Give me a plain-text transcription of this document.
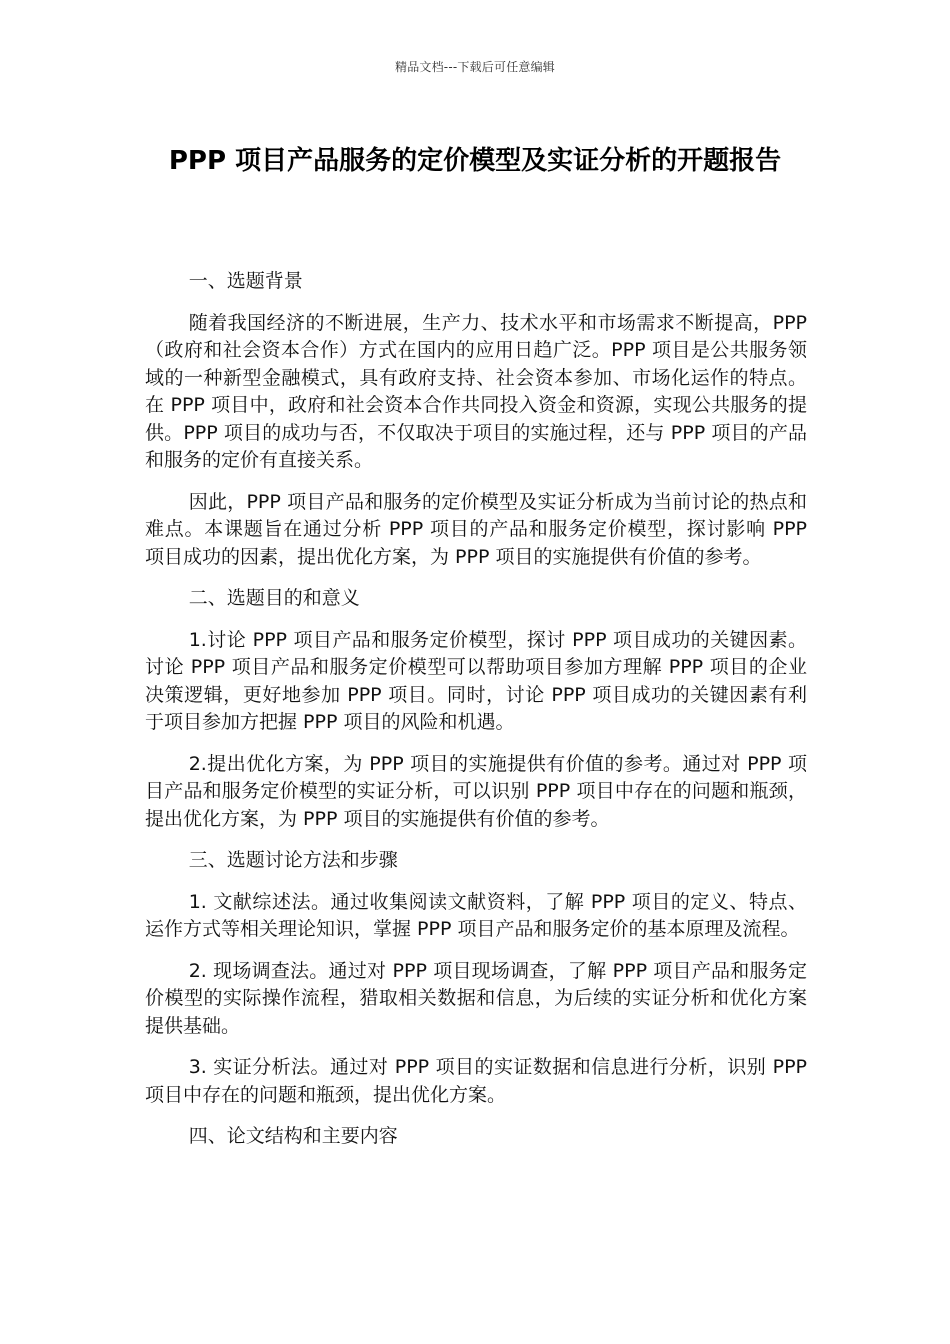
精品文档---下载后可任意编辑
PPP 项目产品服务的定价模型及实证分析的开题报告

一、选题背景

随着我国经济的不断进展，生产力、技术水平和市场需求不断提高，PPP（政府和社会资本合作）方式在国内的应用日趋广泛。PPP 项目是公共服务领域的一种新型金融模式，具有政府支持、社会资本参加、市场化运作的特点。在 PPP 项目中，政府和社会资本合作共同投入资金和资源，实现公共服务的提供。PPP 项目的成功与否，不仅取决于项目的实施过程，还与 PPP 项目的产品和服务的定价有直接关系。

因此，PPP 项目产品和服务的定价模型及实证分析成为当前讨论的热点和难点。本课题旨在通过分析 PPP 项目的产品和服务定价模型，探讨影响 PPP 项目成功的因素，提出优化方案，为 PPP 项目的实施提供有价值的参考。

二、选题目的和意义

1.讨论 PPP 项目产品和服务定价模型，探讨 PPP 项目成功的关键因素。讨论 PPP 项目产品和服务定价模型可以帮助项目参加方理解 PPP 项目的企业决策逻辑，更好地参加 PPP 项目。同时，讨论 PPP 项目成功的关键因素有利于项目参加方把握 PPP 项目的风险和机遇。

2.提出优化方案，为 PPP 项目的实施提供有价值的参考。通过对 PPP 项目产品和服务定价模型的实证分析，可以识别 PPP 项目中存在的问题和瓶颈，提出优化方案，为 PPP 项目的实施提供有价值的参考。

三、选题讨论方法和步骤

1. 文献综述法。通过收集阅读文献资料，了解 PPP 项目的定义、特点、运作方式等相关理论知识，掌握 PPP 项目产品和服务定价的基本原理及流程。

2. 现场调查法。通过对 PPP 项目现场调查，了解 PPP 项目产品和服务定价模型的实际操作流程，猎取相关数据和信息，为后续的实证分析和优化方案提供基础。

3. 实证分析法。通过对 PPP 项目的实证数据和信息进行分析，识别 PPP 项目中存在的问题和瓶颈，提出优化方案。

四、论文结构和主要内容
